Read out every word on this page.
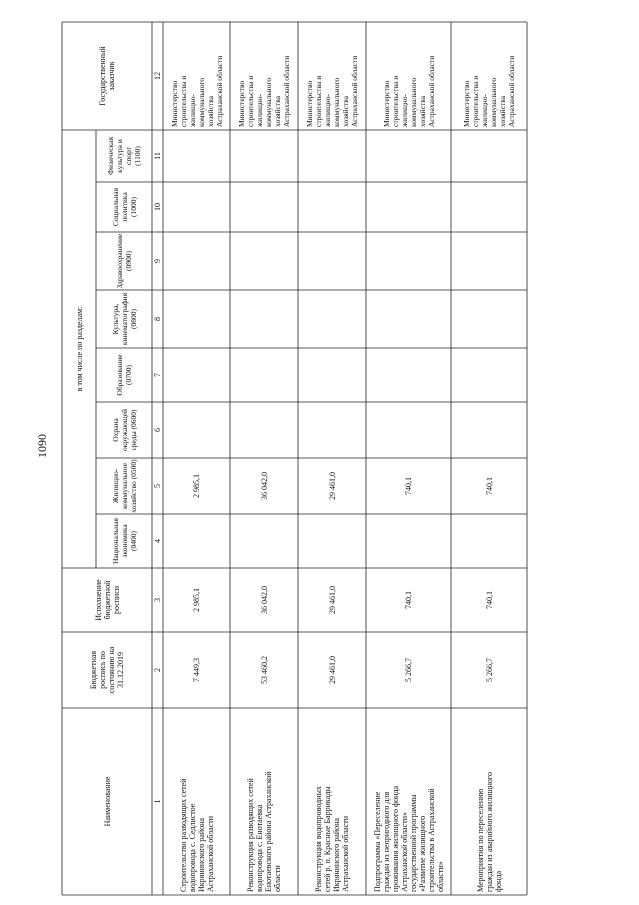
1090
Наименование
Бюджетная
роспись по
состоянию на
31.12.2019
Исполнение
бюджетной
росписи
в том числе по разделам:
Национальная
экономика (0400)
Жилищно-
коммунальное
хозяйство (0500)
Охрана
окружающей
среды (0600)
Образование
(0700)
Культура,
кинематография
(0800)
Здравоохранение
(0900)
Социальная
политика (1000)
Физическая
культура и спорт
(1100)
Государственный
заказчик
1
2
3
4
5
6
7
8
9
10
11
12
Строительство разводящих сетей
водопровода с. Седлистое
Икрянинского района
Астраханской области
7 449,3
2 985,1
2 985,1
Министерство
строительства и
жилищно-
коммунального
хозяйства
Астраханской области
Реконструкция разводящих сетей
водопровода с. Енотаевка
Енотаевского района Астраханской
области
53 460,2
36 042,0
36 042,0
Министерство
строительства и
жилищно-
коммунального
хозяйства
Астраханской области
Реконструкция водопроводных
сетей р. п. Красные Баррикады
Икрянинского района
Астраханской области
29 461,0
29 461,0
29 461,0
Министерство
строительства и
жилищно-
коммунального
хозяйства
Астраханской области
Подпрограмма «Переселение
граждан из непригодного для
проживания жилищного фонда
Астраханской области»
государственной программы
«Развитие жилищного
строительства в Астраханской
области»
5 266,7
740,1
740,1
Министерство
строительства и
жилищно-
коммунального
хозяйства
Астраханской области
Мероприятия по переселению
граждан из аварийного жилищного
фонда
5 266,7
740,1
740,1
Министерство
строительства и
жилищно-
коммунального
хозяйства
Астраханской области
